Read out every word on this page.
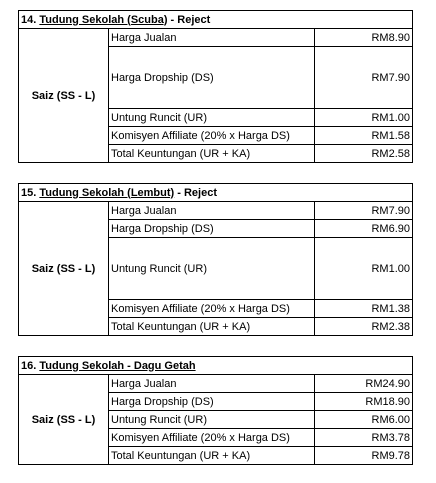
14. Tudung Sekolah (Scuba) - Reject		
Saiz (SS - L)	Harga Jualan	RM8.90
	Harga Dropship (DS)	RM7.90
	Untung Runcit (UR)	RM1.00
	Komisyen Affiliate (20% x Harga DS)	RM1.58
	Total Keuntungan (UR + KA)	RM2.58
15. Tudung Sekolah (Lembut) - Reject		
Saiz (SS - L)	Harga Jualan	RM7.90
	Harga Dropship (DS)	RM6.90
	Untung Runcit (UR)	RM1.00
	Komisyen Affiliate (20% x Harga DS)	RM1.38
	Total Keuntungan (UR + KA)	RM2.38
16. Tudung Sekolah - Dagu Getah		
Saiz (SS - L)	Harga Jualan	RM24.90
	Harga Dropship (DS)	RM18.90
	Untung Runcit (UR)	RM6.00
	Komisyen Affiliate (20% x Harga DS)	RM3.78
	Total Keuntungan (UR + KA)	RM9.78
